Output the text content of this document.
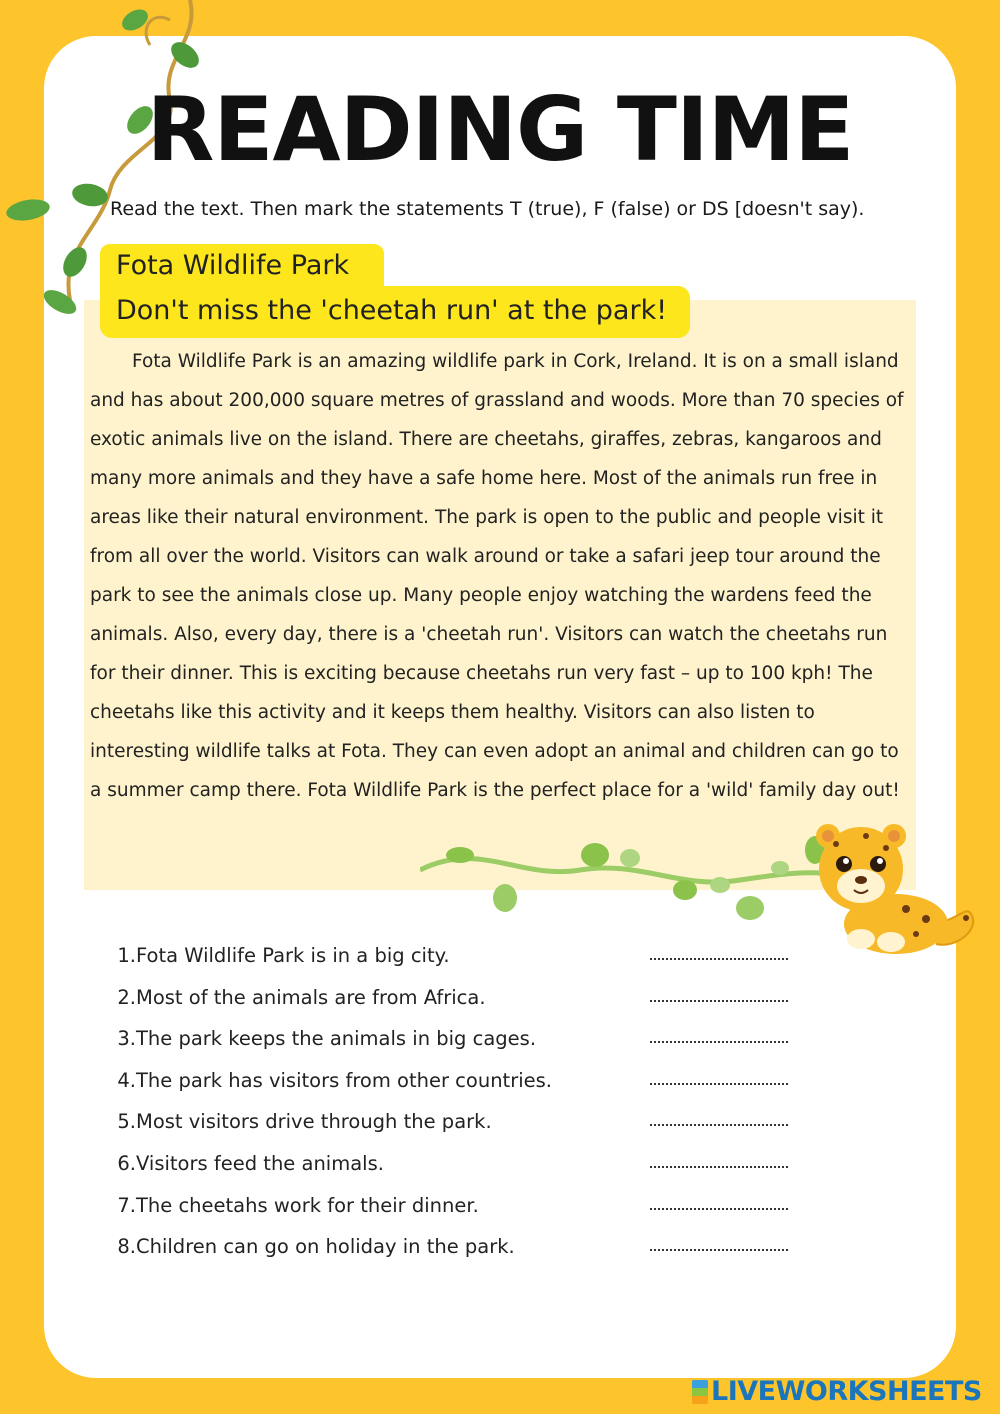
READING TIME
Read the text. Then mark the statements T (true), F (false) or DS [doesn't say).
Fota Wildlife Park
Don't miss the 'cheetah run' at the park!

Fota Wildlife Park is an amazing wildlife park in Cork, Ireland. It is on a small island and has about 200,000 square metres of grassland and woods. More than 70 species of exotic animals live on the island. There are cheetahs, giraffes, zebras, kangaroos and many more animals and they have a safe home here. Most of the animals run free in areas like their natural environment. The park is open to the public and people visit it from all over the world. Visitors can walk around or take a safari jeep tour around the park to see the animals close up. Many people enjoy watching the wardens feed the animals. Also, every day, there is a 'cheetah run'. Visitors can watch the cheetahs run for their dinner. This is exciting because cheetahs run very fast – up to 100 kph! The cheetahs like this activity and it keeps them healthy. Visitors can also listen to interesting wildlife talks at Fota. They can even adopt an animal and children can go to a summer camp there. Fota Wildlife Park is the perfect place for a 'wild' family day out!

1.Fota Wildlife Park is in a big city.
2.Most of the animals are from Africa.
3.The park keeps the animals in big cages.
4.The park has visitors from other countries.
5.Most visitors drive through the park.
6.Visitors feed the animals.
7.The cheetahs work for their dinner.
8.Children can go on holiday in the park.
LIVEWORKSHEETS
